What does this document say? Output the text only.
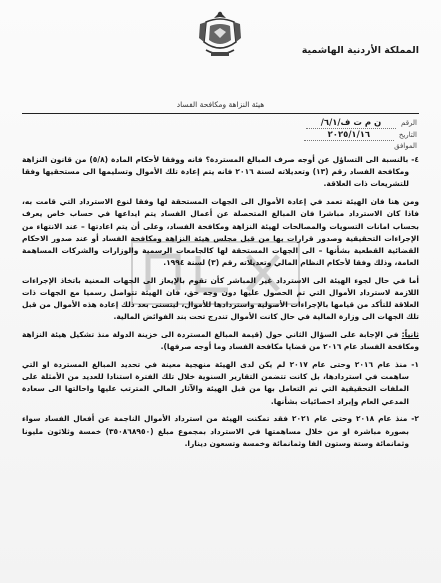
المملكة الأردنية الهاشمية
هيئة النزاهة ومكافحة الفساد
الرقم
ن م ت ف/٦/١/
التاريخ
٢٠٢٥/١/١٦
الموافق

٤- بالنسبة الى التساؤل عن أوجه صرف المبالغ المستردة؟ فانه ووفقا لأحكام المادة (٥/٨) من قانون النزاهة ومكافحة الفساد رقم (١٣) وتعديلاته لسنة ٢٠١٦ فانه يتم إعادة تلك الأموال وتسليمها الى مستحقيها وفقا للتشريعات ذات العلاقة.

ومن هنا فان الهيئة تعمد في إعادة الأموال الى الجهات المستحقة لها وفقا لنوع الاسترداد التي قامت به، فاذا كان الاسترداد مباشرا فان المبالغ المتحصلة عن أعمال الفساد يتم ايداعها في حساب خاص يعرف بحساب امانات التسويات والمصالحات لهيئة النزاهة ومكافحة الفساد، وعلى أن يتم اعادتها – عند الانتهاء من الإجراءات التحقيقية وصدور قرارات بها من قبل مجلس هيئة النزاهة ومكافحة الفساد أو عند صدور الاحكام القضائية القطعية بشأنها – الى الجهات المستحقة لها كالجامعات الرسمية والوزارات والشركات المساهمة العامة، وذلك وفقا لأحكام النظام المالي وتعديلاته رقم (٣) لسنة ١٩٩٤.

أما في حال لجوء الهيئة الى الاسترداد غير المباشر كأن تقوم بالإيعاز الى الجهات المعنية باتخاذ الإجراءات اللازمة لاسترداد الأموال التي تم الحصول عليها دون وجه حق، فان الهيئة تتواصل رسميا مع الجهات ذات العلاقة للتأكد من قيامها بالإجراءات الأصولية واستردادها للأموال، ليتسنى بعد ذلك إعادة هذه الأموال من قبل تلك الجهات الى وزارة المالية في حال كانت الأموال تندرج تحت بند الفوائض المالية.

ثانياً: في الإجابة على السؤال الثاني حول (قيمة المبالغ المستردة الى خزينة الدولة منذ تشكيل هيئة النزاهة ومكافحة الفساد عام ٢٠١٦ من قضايا مكافحة الفساد وما أوجه صرفها).

١- منذ عام ٢٠١٦ وحتى عام ٢٠١٧ لم يكن لدى الهيئة منهجية معينة في تحديد المبالغ المستردة او التي ساهمت في استردادها، بل كانت تتضمن التقارير السنوية خلال تلك الفترة استنادا للعديد من الأمثلة على الملفات التحقيقية التي تم التعامل بها من قبل الهيئة والآثار المالي المترتب عليها واحالتها الى سعادة المدعي العام وإبراد احصائيات بشأنها.

٢- منذ عام ٢٠١٨ وحتى عام ٢٠٢١ فقد تمكنت الهيئة من استرداد الأموال الناجمة عن أفعال الفساد سواء بصورة مباشرة او من خلال مساهمتها في الاسترداد بمجموع مبلغ (٣٥٠٨٦٨٩٥٠) خمسة وثلاثون مليونا وثمانمائة وستة وستون الفا وثمانمائة وخمسة وتسعون دينارا.
